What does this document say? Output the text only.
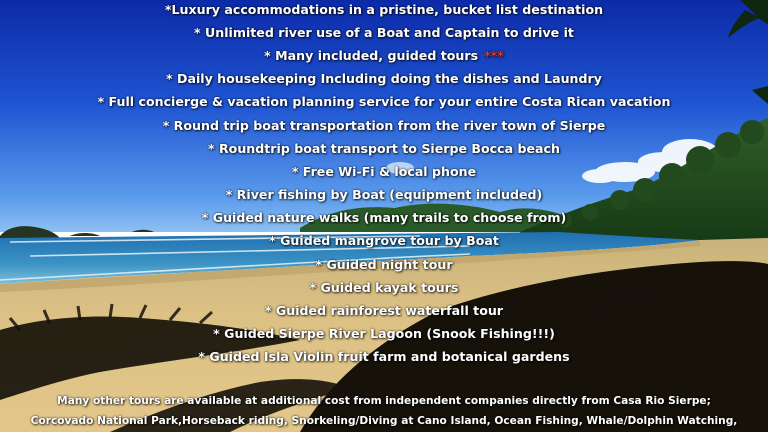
*Luxury accommodations in a pristine, bucket list destination
* Unlimited river use of a Boat and Captain to drive it
* Many included, guided tours ***
* Daily housekeeping Including doing the dishes and Laundry
* Full concierge & vacation planning service for your entire Costa Rican vacation
* Round trip boat transportation from the river town of Sierpe
* Roundtrip boat transport to Sierpe Bocca beach
* Free Wi-Fi & local phone
* River fishing by Boat (equipment included)
* Guided nature walks (many trails to choose from)
* Guided mangrove tour by Boat
* Guided night tour
* Guided kayak tours
* Guided rainforest waterfall tour
* Guided Sierpe River Lagoon (Snook Fishing!!!)
* Guided Isla Violin fruit farm and botanical gardens
Many other tours are available at additional cost from independent companies directly from Casa Rio Sierpe;
Corcovado National Park,Horseback riding, Snorkeling/Diving at Cano Island, Ocean Fishing, Whale/Dolphin Watching,
